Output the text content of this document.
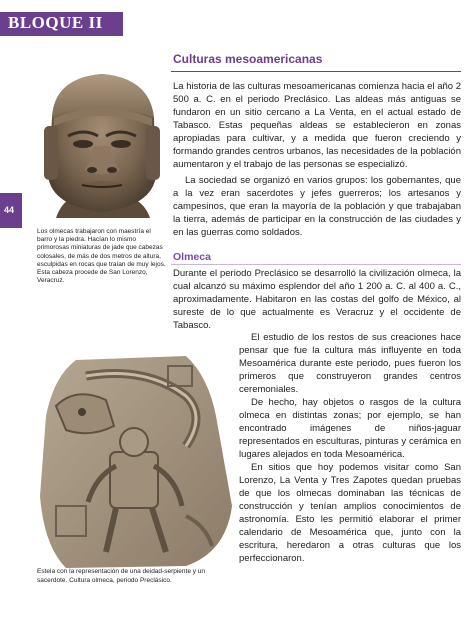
BLOQUE II
44

Los olmecas trabajaron con maestría el barro y la piedra. Hacían lo mismo primorosas miniaturas de jade que cabezas colosales, de más de dos metros de altura, esculpidas en rocas que traían de muy lejos. Esta cabeza procede de San Lorenzo, Veracruz.

Estela con la representación de una deidad-serpiente y un sacerdote. Cultura olmeca, periodo Preclásico.

Culturas mesoamericanas

La historia de las culturas mesoamericanas comienza hacia el año 2 500 a. C. en el periodo Preclásico. Las aldeas más antiguas se fundaron en un sitio cercano a La Venta, en el actual estado de Tabasco. Estas pequeñas aldeas se establecieron en zonas apropiadas para cultivar, y a medida que fueron creciendo y formando grandes centros urbanos, las necesidades de la población aumentaron y el trabajo de las personas se especializó.

La sociedad se organizó en varios grupos: los gobernantes, que a la vez eran sacerdotes y jefes guerreros; los artesanos y campesinos, que eran la mayoría de la población y que trabajaban la tierra, además de participar en la construcción de las ciudades y en las guerras como soldados.

Olmeca

Durante el periodo Preclásico se desarrolló la civilización olmeca, la cual alcanzó su máximo esplendor del año 1 200 a. C. al 400 a. C., aproximadamente. Habitaron en las costas del golfo de México, al sureste de lo que actualmente es Veracruz y el occidente de Tabasco.

El estudio de los restos de sus creaciones hace pensar que fue la cultura más influyente en toda Mesoamérica durante este periodo, pues fueron los primeros que construyeron grandes centros ceremoniales.

De hecho, hay objetos o rasgos de la cultura olmeca en distintas zonas; por ejemplo, se han encontrado imágenes de niños-jaguar representados en esculturas, pinturas y cerámica en lugares alejados en toda Mesoamérica.

En sitios que hoy podemos visitar como San Lorenzo, La Venta y Tres Zapotes quedan pruebas de que los olmecas dominaban las técnicas de construcción y tenían amplios conocimientos de astronomía. Esto les permitió elaborar el primer calendario de Mesoamérica que, junto con la escritura, heredaron a otras culturas que los perfeccionaron.
